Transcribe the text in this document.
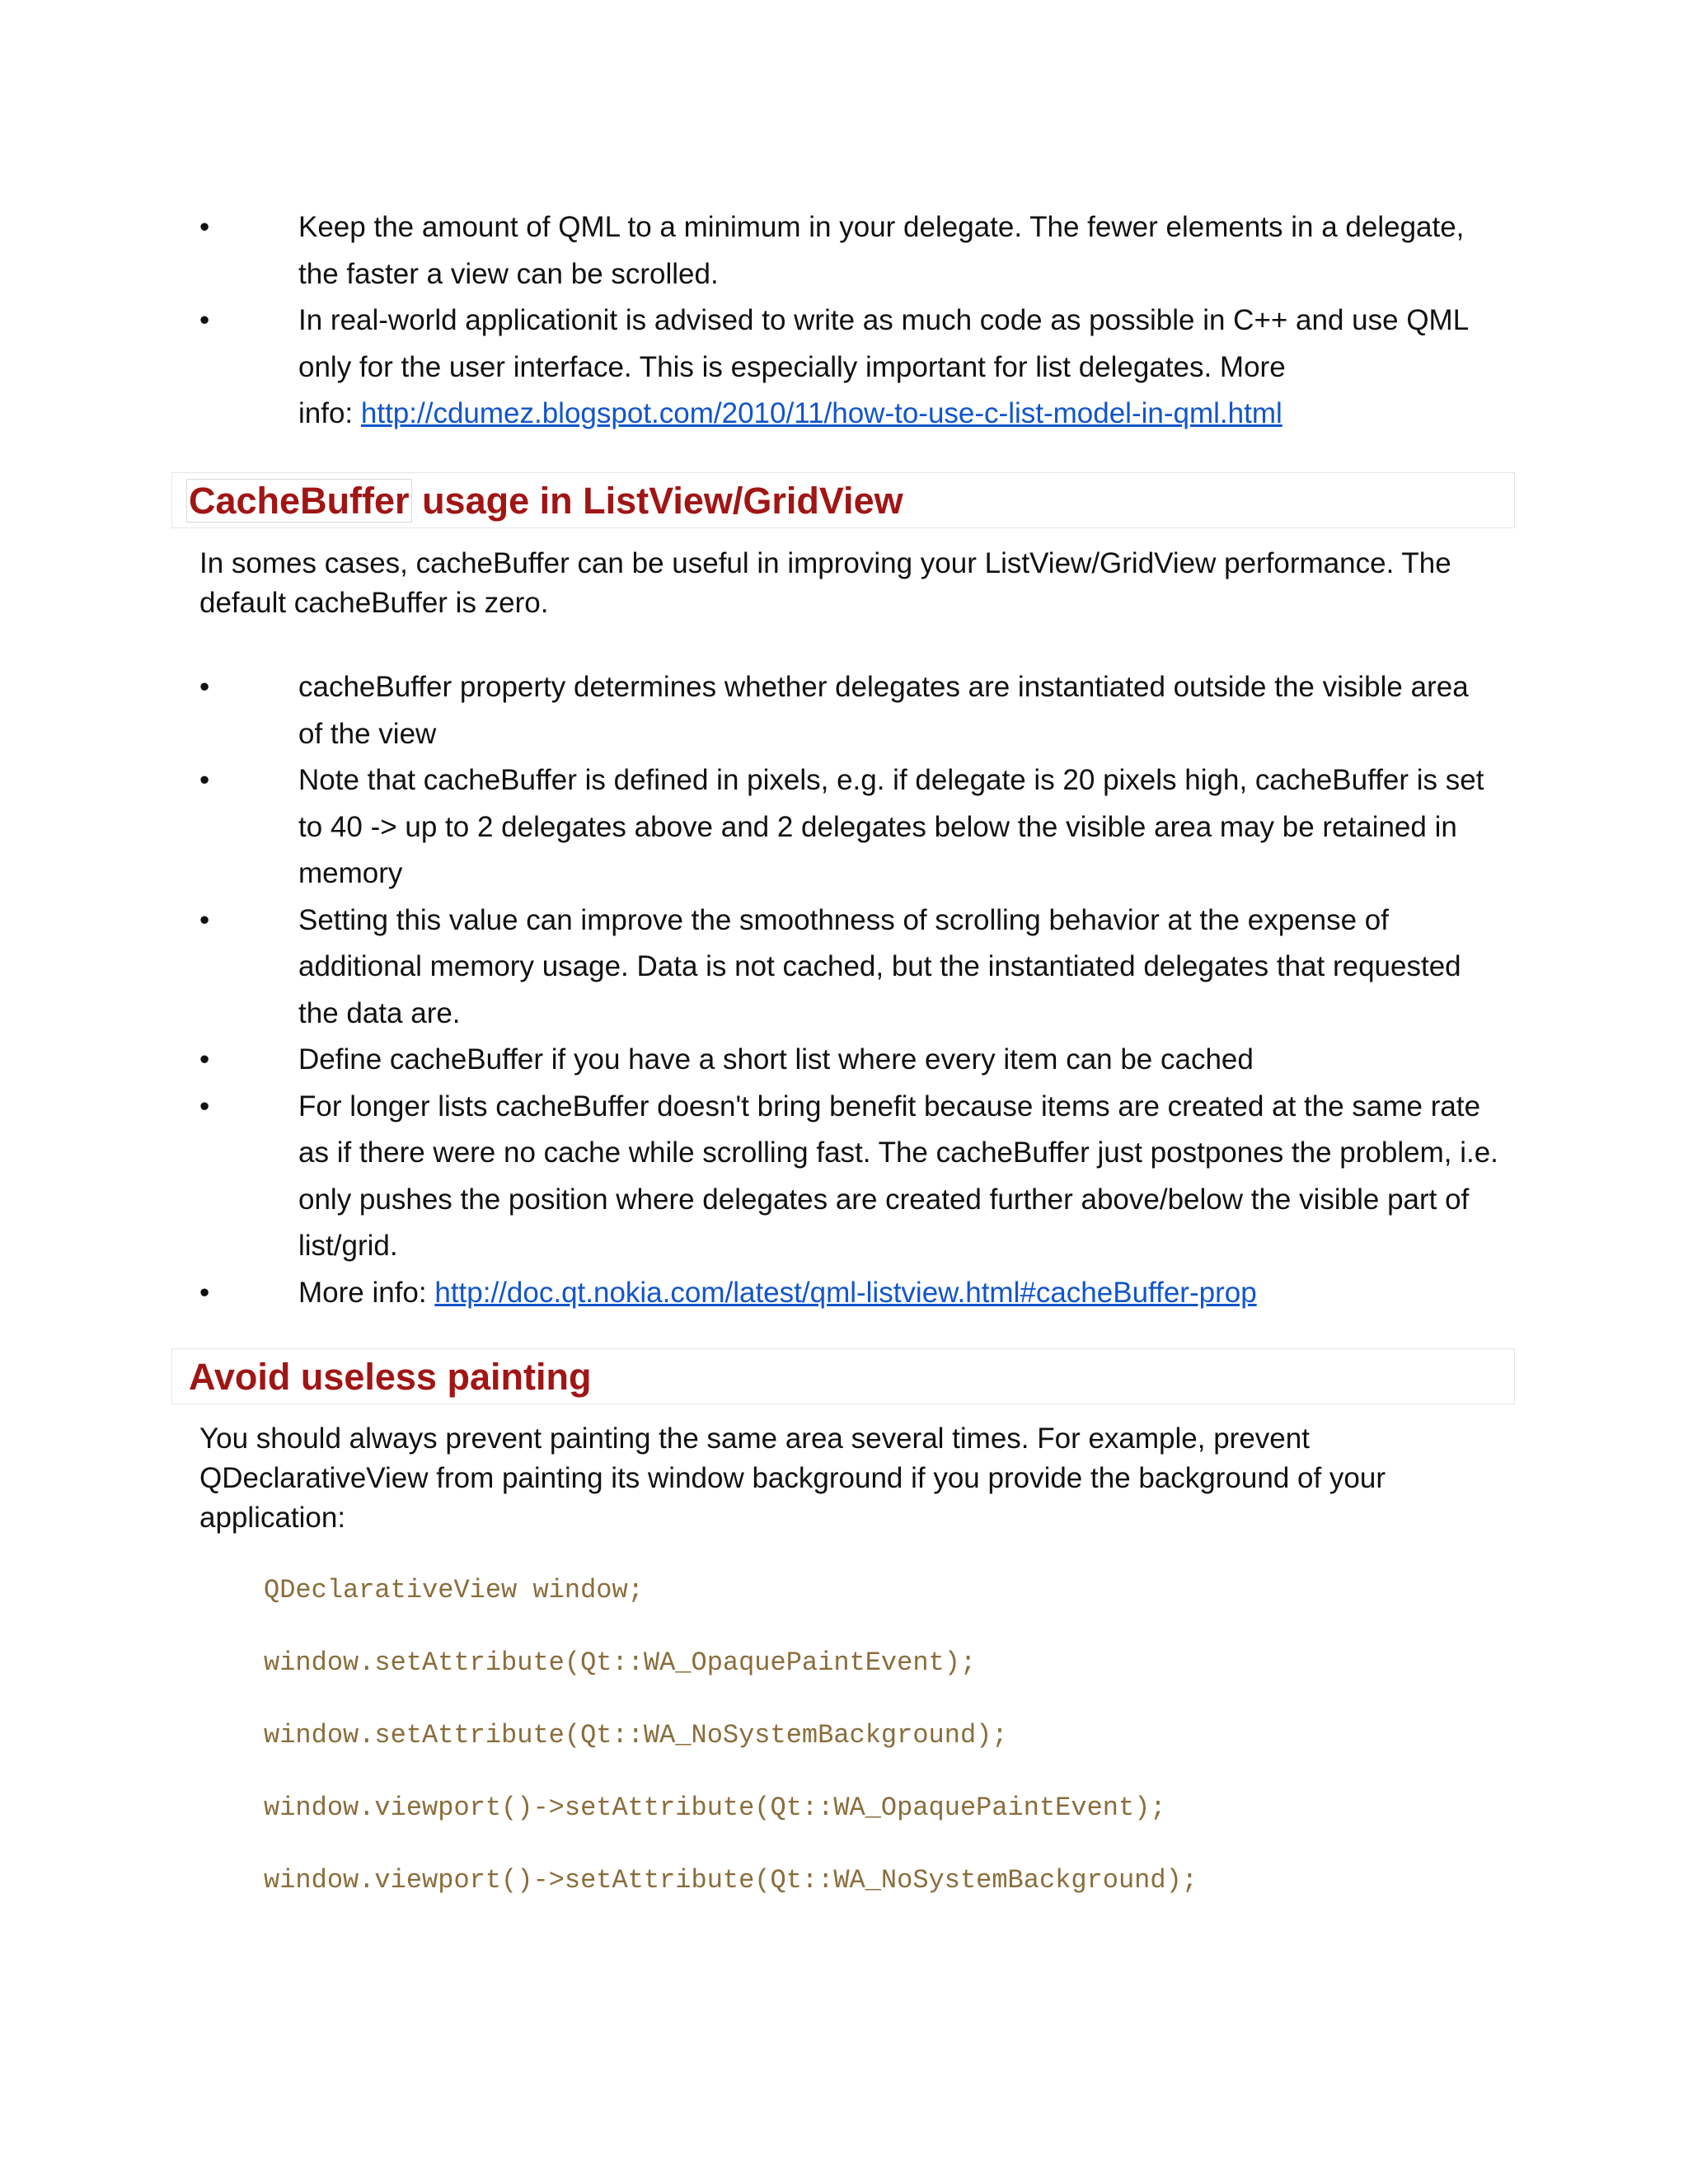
• Keep the amount of QML to a minimum in your delegate. The fewer elements in a delegate, the faster a view can be scrolled.
• In real-world applicationit is advised to write as much code as possible in C++ and use QML only for the user interface. This is especially important for list delegates. More
info: http://cdumez.blogspot.com/2010/11/how-to-use-c-list-model-in-qml.html
CacheBuffer usage in ListView/GridView

In somes cases, cacheBuffer can be useful in improving your ListView/GridView performance. The default cacheBuffer is zero.

• cacheBuffer property determines whether delegates are instantiated outside the visible area of the view
• Note that cacheBuffer is defined in pixels, e.g. if delegate is 20 pixels high, cacheBuffer is set to 40 -> up to 2 delegates above and 2 delegates below the visible area may be retained in memory
• Setting this value can improve the smoothness of scrolling behavior at the expense of additional memory usage. Data is not cached, but the instantiated delegates that requested the data are.
• Define cacheBuffer if you have a short list where every item can be cached
• For longer lists cacheBuffer doesn't bring benefit because items are created at the same rate as if there were no cache while scrolling fast. The cacheBuffer just postpones the problem, i.e. only pushes the position where delegates are created further above/below the visible part of list/grid.
• More info: http://doc.qt.nokia.com/latest/qml-listview.html#cacheBuffer-prop
Avoid useless painting

You should always prevent painting the same area several times. For example, prevent QDeclarativeView from painting its window background if you provide the background of your application:

QDeclarativeView window;
window.setAttribute(Qt::WA_OpaquePaintEvent);
window.setAttribute(Qt::WA_NoSystemBackground);
window.viewport()->setAttribute(Qt::WA_OpaquePaintEvent);
window.viewport()->setAttribute(Qt::WA_NoSystemBackground);
